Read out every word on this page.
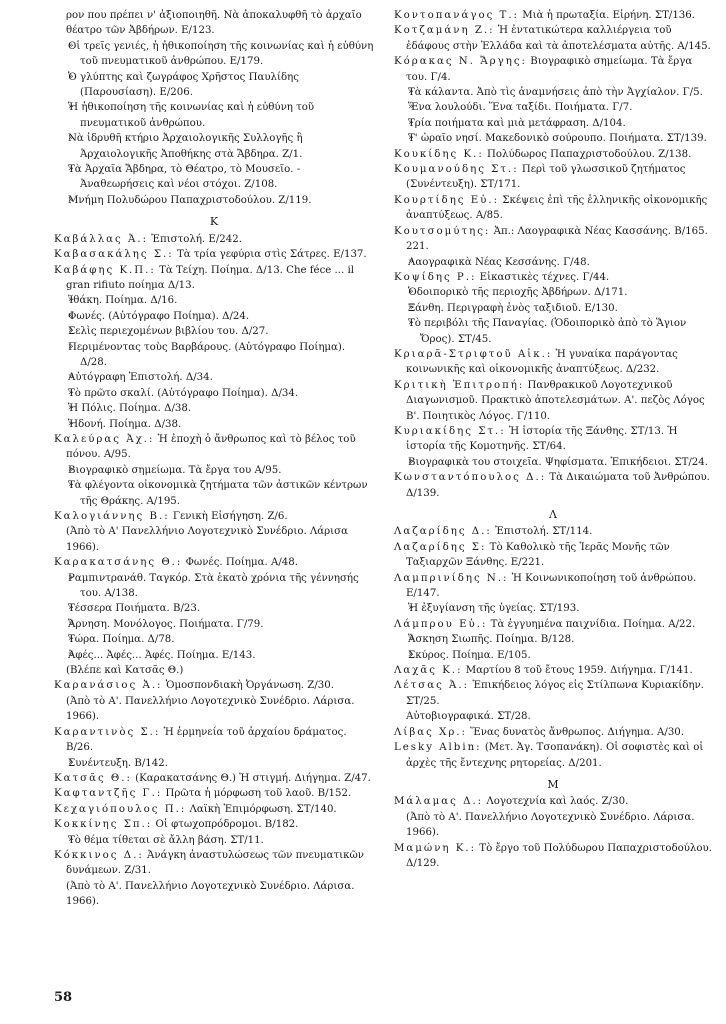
ρον που πρέπει ν' ἀξιοποιηθῆ. Νὰ ἀποκαλυφθῆ τὸ ἀρχαῖο θέατρο τῶν Ἀβδήρων. Ε/123.

» Οἱ τρεῖς γενιές, ἡ ἠθικοποίηση τῆς κοινωνίας καὶ ἡ εὐθύνη τοῦ πνευματικοῦ ἀνθρώπου. Ε/179.

» Ὁ γλύπτης καὶ ζωγράφος Χρῆστος Παυλίδης (Παρουσίαση). Ε/206.

» Ἡ ἠθικοποίηση τῆς κοινωνίας καὶ ἡ εὐθύνη τοῦ πνευματικοῦ ἀνθρώπου.

» Νὰ ἱδρυθῆ κτήριο Ἀρχαιολογικῆς Συλλογῆς ἢ Ἀρχαιολογικῆς Ἀποθήκης στὰ Ἄβδηρα. Ζ/1.

» Τὰ Ἀρχαῖα Ἄβδηρα, τὸ Θέατρο, τὸ Μουσεῖο. - Ἀναθεωρήσεις καὶ νέοι στόχοι. Ζ/108.

» Μνήμη Πολυδώρου Παπαχριστοδούλου. Ζ/119.

Κ

Καβάλλας Ἀ.: Ἐπιστολή. Ε/242.

Καβασακάλης Σ.: Τὰ τρία γεφύρια στὶς Σάτρες. Ε/137.

Καβάφης Κ.Π.: Τὰ Τείχη. Ποίημα. Δ/13. Che féce ... il gran rifiuto ποίημα Δ/13.

» Ἰθάκη. Ποίημα. Δ/16.

» Φωνές. (Αὐτόγραφο Ποίημα). Δ/24.

» Σελὶς περιεχομένων βιβλίου του. Δ/27.

» Περιμένοντας τοὺς Βαρβάρους. (Αὐτόγραφο Ποίημα). Δ/28.

» Αὐτόγραφη Ἐπιστολή. Δ/34.

» Τὸ πρῶτο σκαλί. (Αὐτόγραφο Ποίημα). Δ/34.

» Ἡ Πόλις. Ποίημα. Δ/38.

» Ἡδονή. Ποίημα. Δ/38.

Καλεύρας Ἀχ.: Ἡ ἐποχὴ ὁ ἄνθρωπος καὶ τὸ βέλος τοῦ πόνου. Α/95.

» Βιογραφικὸ σημείωμα. Τὰ ἔργα του Α/95.

» Τὰ φλέγοντα οἰκονομικὰ ζητήματα τῶν ἀστικῶν κέντρων τῆς Θράκης. Α/195.

Καλογιάννης Β.: Γενικὴ Εἰσήγηση. Ζ/6.

(Ἀπὸ τὸ Α' Πανελλήνιο Λογοτεχνικὸ Συνέδριο. Λάρισα 1966).

Καρακατσάνης Θ.: Φωνές. Ποίημα. Α/48.

» Ραμπιντρανάθ. Ταγκόρ. Στὰ ἑκατὸ χρόνια τῆς γέννησής του. Α/138.

» Τέσσερα Ποιήματα. Β/23.

» Ἄρνηση. Μονόλογος. Ποιήματα. Γ/79.

» Τώρα. Ποίημα. Δ/78.

» Ἀφές... Ἀφές... Ἀφές. Ποίημα. Ε/143.

(Βλέπε καὶ Κατσᾶς Θ.)

Καρανάσιος Ἀ.: Ὁμοσπονδιακὴ Ὀργάνωση. Ζ/30.

(Ἀπὸ τὸ Α'. Πανελλήνιο Λογοτεχνικὸ Συνέδριο. Λάρισα. 1966).

Καραντινὸς Σ.: Ἡ ἑρμηνεία τοῦ ἀρχαίου δράματος. Β/26.

» Συνέντευξη. Β/142.

Κατσᾶς Θ.: (Καρακατσάνης Θ.) Ἡ στιγμή. Διήγημα. Ζ/47.

Καφταντζῆς Γ.: Πρῶτα ἡ μόρφωση τοῦ λαοῦ. Β/152.

Κεχαγιόπουλος Π.: Λαϊκὴ Ἐπιμόρφωση. ΣΤ/140.

Κοκκίνης Σπ.: Οἱ φτωχοπρόδρομοι. Β/182.

» Τὸ θέμα τίθεται σὲ ἄλλη βάση. ΣΤ/11.

Κόκκινος Δ.: Ἀνάγκη ἀναστυλώσεως τῶν πνευματικῶν δυνάμεων. Ζ/31.

(Ἀπὸ τὸ Α'. Πανελλήνιο Λογοτεχνικὸ Συνέδριο. Λάρισα. 1966).

Κοντοπανάγος Τ.: Μιὰ ἡ πρωταξία. Εἰρήνη. ΣΤ/136.

Κοτζαμάνη Ζ.: Ἡ ἐντατικώτερα καλλιέργεια τοῦ ἐδάφους στὴν Ἑλλάδα καὶ τὰ ἀποτελέσματα αὐτῆς. Α/145.

Κόρακας Ν. Ἄργης: Βιογραφικὸ σημείωμα. Τὰ ἔργα του. Γ/4.

» Τὰ κάλαντα. Ἀπὸ τὶς ἀναμνήσεις ἀπὸ τὴν Ἀγχίαλον. Γ/5.

» Ἕνα λουλούδι. Ἕνα ταξίδι. Ποιήματα. Γ/7.

» Τρία ποιήματα καὶ μιὰ μετάφραση. Δ/104.

» Τ' ὡραῖο νησί. Μακεδονικὸ σούρουπο. Ποιήματα. ΣΤ/139.

Κουκίδης Κ.: Πολύδωρος Παπαχριστοδούλου. Ζ/138.

Κουμανούδης Στ.: Περὶ τοῦ γλωσσικοῦ ζητήματος (Συνέντευξη). ΣΤ/171.

Κουρτίδης Εὐ.: Σκέψεις ἐπὶ τῆς ἑλληνικῆς οἰκονομικῆς ἀναπτύξεως. Α/85.

Κουτσομύτης: Ἀπ.: Λαογραφικὰ Νέας Κασσάνης. Β/165. 221.

» Λαογραφικὰ Νέας Κεσσάνης. Γ/48.

Κοψίδης Ρ.: Εἰκαστικὲς τέχνες. Γ/44.

» Ὁδοιπορικὸ τῆς περιοχῆς Ἀβδήρων. Δ/171.

» Ξάνθη. Περιγραφὴ ἑνὸς ταξιδιοῦ. Ε/130.

» Τὸ περιβόλι τῆς Παναγίας. (Ὁδοιπορικὸ ἀπὸ τὸ Ἅγιον Ὄρος). ΣΤ/45.

Κριαρᾶ-Στριφτοῦ Αἰκ.: Ἡ γυναίκα παράγοντας κοινωνικῆς καὶ οἰκονομικῆς ἀναπτύξεως. Δ/232.

Κριτικὴ Ἐπιτροπή: Πανθρακικοῦ Λογοτεχνικοῦ Διαγωνισμοῦ. Πρακτικὸ ἀποτελεσμάτων. Α'. πεζὸς Λόγος Β'. Ποιητικὸς Λόγος. Γ/110.

Κυριακίδης Στ.: Ἡ ἱστορία τῆς Ξάνθης. ΣΤ/13. Ἡ ἱστορία τῆς Κομοτηνῆς. ΣΤ/64.

» Βιογραφικὰ του στοιχεῖα. Ψηφίσματα. Ἐπικήδειοι. ΣΤ/24.

Κωνσταντόπουλος Δ.: Τὰ Δικαιώματα τοῦ Ἀνθρώπου. Δ/139.

Λ

Λαζαρίδης Δ.: Ἐπιστολή. ΣΤ/114.

Λαζαρίδης Σ: Τὸ Καθολικὸ τῆς Ἱερᾶς Μονῆς τῶν Ταξιαρχῶν Ξάνθης. Ε/221.

Λαμπρινίδης Ν.: Ἡ Κοινωνικοποίηση τοῦ ἀνθρώπου. Ε/147.

» Ἡ ἐξυγίανση τῆς ὑγείας. ΣΤ/193.

Λάμπρου Εὐ.: Τὰ ἐγγυημένα παιχνίδια. Ποίημα. Α/22.

» Ἄσκηση Σιωπῆς. Ποίημα. Β/128.

» Σκύρος. Ποίημα. Ε/105.

Λαχᾶς Κ.: Μαρτίου 8 τοῦ ἔτους 1959. Διήγημα. Γ/141.

Λέτσας Ἀ.: Ἐπικήδειος λόγος εἰς Στίλπωνα Κυριακίδην. ΣΤ/25.

Αὐτοβιογραφικά. ΣΤ/28.

Λίβας Χρ.: Ἕνας δυνατὸς ἄνθρωπος. Διήγημα. Α/30.

Lesky Albin: (Μετ. Ἀγ. Τσοπανάκη). Οἱ σοφιστὲς καὶ οἱ ἀρχὲς τῆς ἔντεχνης ρητορείας. Δ/201.

Μ

Μάλαμας Δ.: Λογοτεχνία καὶ λαός. Ζ/30.

(Ἀπὸ τὸ Α'. Πανελλήνιο Λογοτεχνικὸ Συνέδριο. Λάρισα. 1966).

Μαμώνη Κ.: Τὸ ἔργο τοῦ Πολύδωρου Παπαχριστοδούλου. Δ/129.

58
